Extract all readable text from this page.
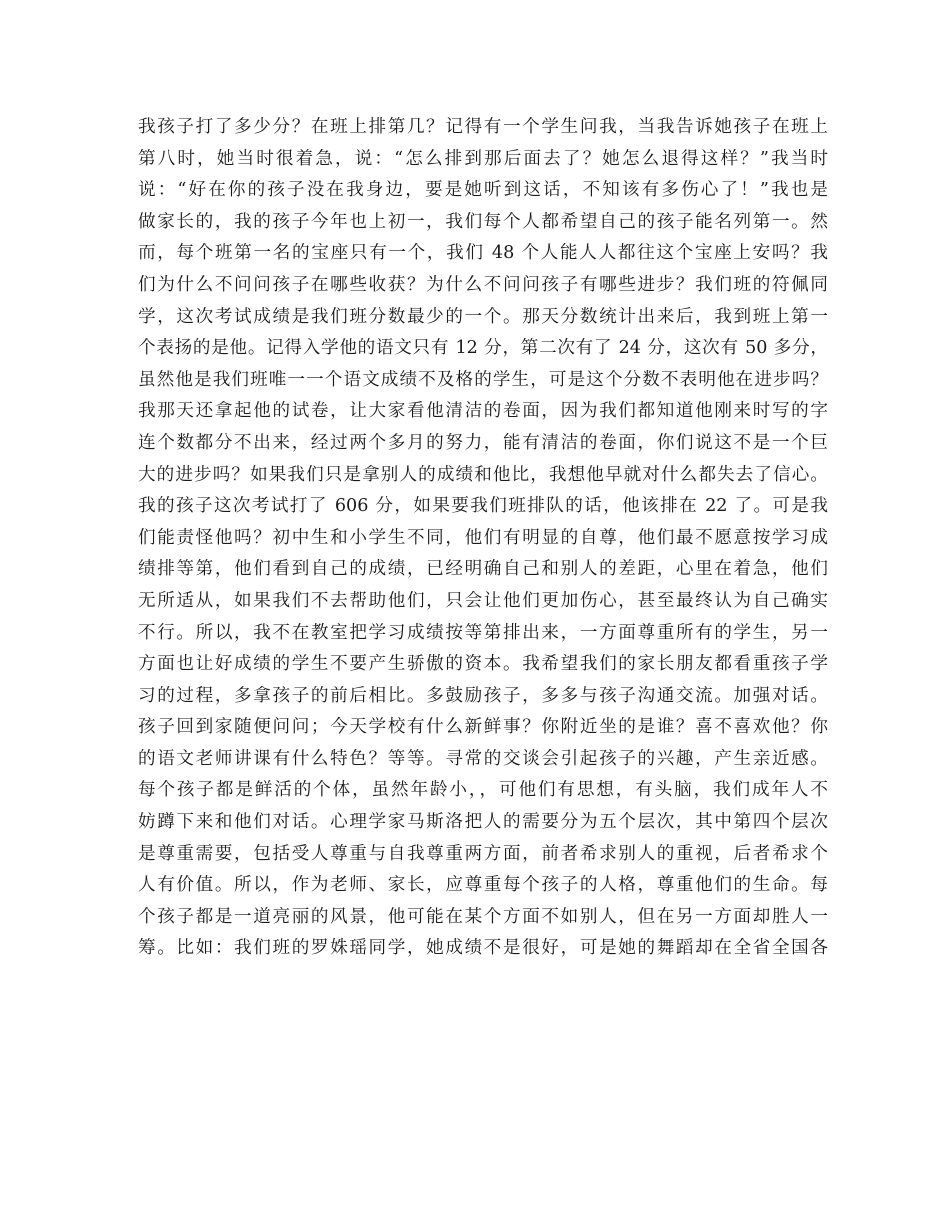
我孩子打了多少分？在班上排第几？记得有一个学生问我，当我告诉她孩子在班上
第八时，她当时很着急，说：“怎么排到那后面去了？她怎么退得这样？”我当时
说：“好在你的孩子没在我身边，要是她听到这话，不知该有多伤心了！”我也是
做家长的，我的孩子今年也上初一，我们每个人都希望自己的孩子能名列第一。然
而，每个班第一名的宝座只有一个，我们 48 个人能人人都往这个宝座上安吗？我
们为什么不问问孩子在哪些收获？为什么不问问孩子有哪些进步？我们班的符佩同
学，这次考试成绩是我们班分数最少的一个。那天分数统计出来后，我到班上第一
个表扬的是他。记得入学他的语文只有 12 分，第二次有了 24 分，这次有 50 多分，
虽然他是我们班唯一一个语文成绩不及格的学生，可是这个分数不表明他在进步吗？
我那天还拿起他的试卷，让大家看他清洁的卷面，因为我们都知道他刚来时写的字
连个数都分不出来，经过两个多月的努力，能有清洁的卷面，你们说这不是一个巨
大的进步吗？如果我们只是拿别人的成绩和他比，我想他早就对什么都失去了信心。
我的孩子这次考试打了 606 分，如果要我们班排队的话，他该排在 22 了。可是我
们能责怪他吗？初中生和小学生不同，他们有明显的自尊，他们最不愿意按学习成
绩排等第，他们看到自己的成绩，已经明确自己和别人的差距，心里在着急，他们
无所适从，如果我们不去帮助他们，只会让他们更加伤心，甚至最终认为自己确实
不行。所以，我不在教室把学习成绩按等第排出来，一方面尊重所有的学生，另一
方面也让好成绩的学生不要产生骄傲的资本。我希望我们的家长朋友都看重孩子学
习的过程，多拿孩子的前后相比。多鼓励孩子，多多与孩子沟通交流。加强对话。
孩子回到家随便问问；今天学校有什么新鲜事？你附近坐的是谁？喜不喜欢他？你
的语文老师讲课有什么特色？等等。寻常的交谈会引起孩子的兴趣，产生亲近感。
每个孩子都是鲜活的个体，虽然年龄小，，可他们有思想，有头脑，我们成年人不
妨蹲下来和他们对话。心理学家马斯洛把人的需要分为五个层次，其中第四个层次
是尊重需要，包括受人尊重与自我尊重两方面，前者希求别人的重视，后者希求个
人有价值。所以，作为老师、家长，应尊重每个孩子的人格，尊重他们的生命。每
个孩子都是一道亮丽的风景，他可能在某个方面不如别人，但在另一方面却胜人一
筹。比如：我们班的罗姝瑶同学，她成绩不是很好，可是她的舞蹈却在全省全国各
